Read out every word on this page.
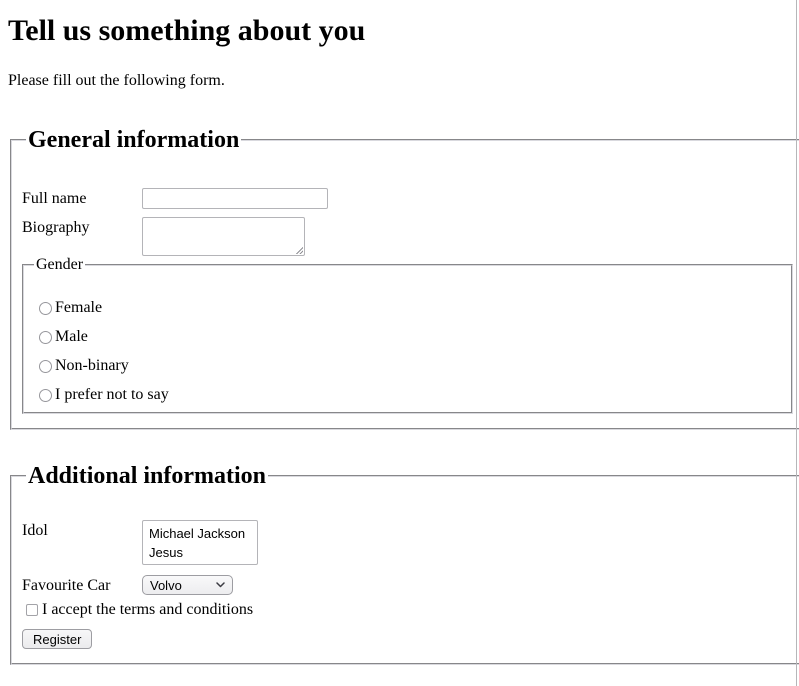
Tell us something about you

Please fill out the following form.

General information
Full name
Biography
Gender
Female
Male
Non-binary
I prefer not to say
Additional information
Idol	Michael Jackson
Jesus
Favourite Car	Volvo
I accept the terms and conditions
Register
